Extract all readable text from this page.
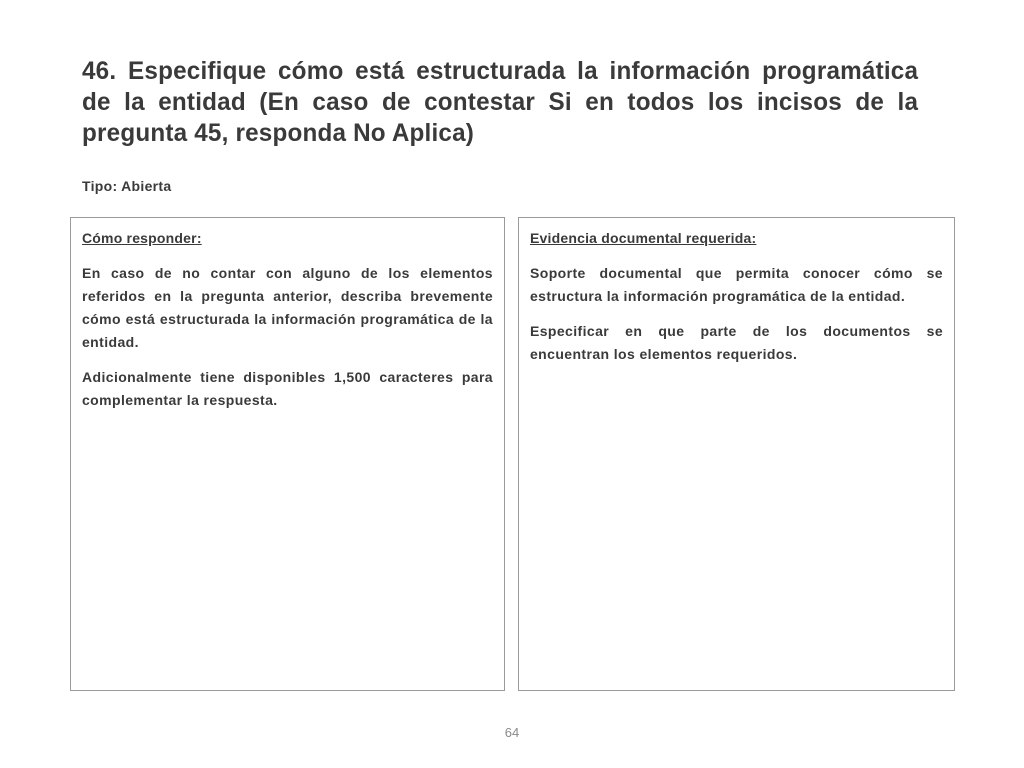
46. Especifique cómo está estructurada la información programática de la entidad (En caso de contestar Si en todos los incisos de la pregunta 45, responda No Aplica)

Tipo: Abierta

Cómo responder:

En caso de no contar con alguno de los elementos referidos en la pregunta anterior, describa brevemente cómo está estructurada la información programática de la entidad.

Adicionalmente tiene disponibles 1,500 caracteres para complementar la respuesta.

Evidencia documental requerida:

Soporte documental que permita conocer cómo se estructura la información programática de la entidad.

Especificar en que parte de los documentos se encuentran los elementos requeridos.

64
